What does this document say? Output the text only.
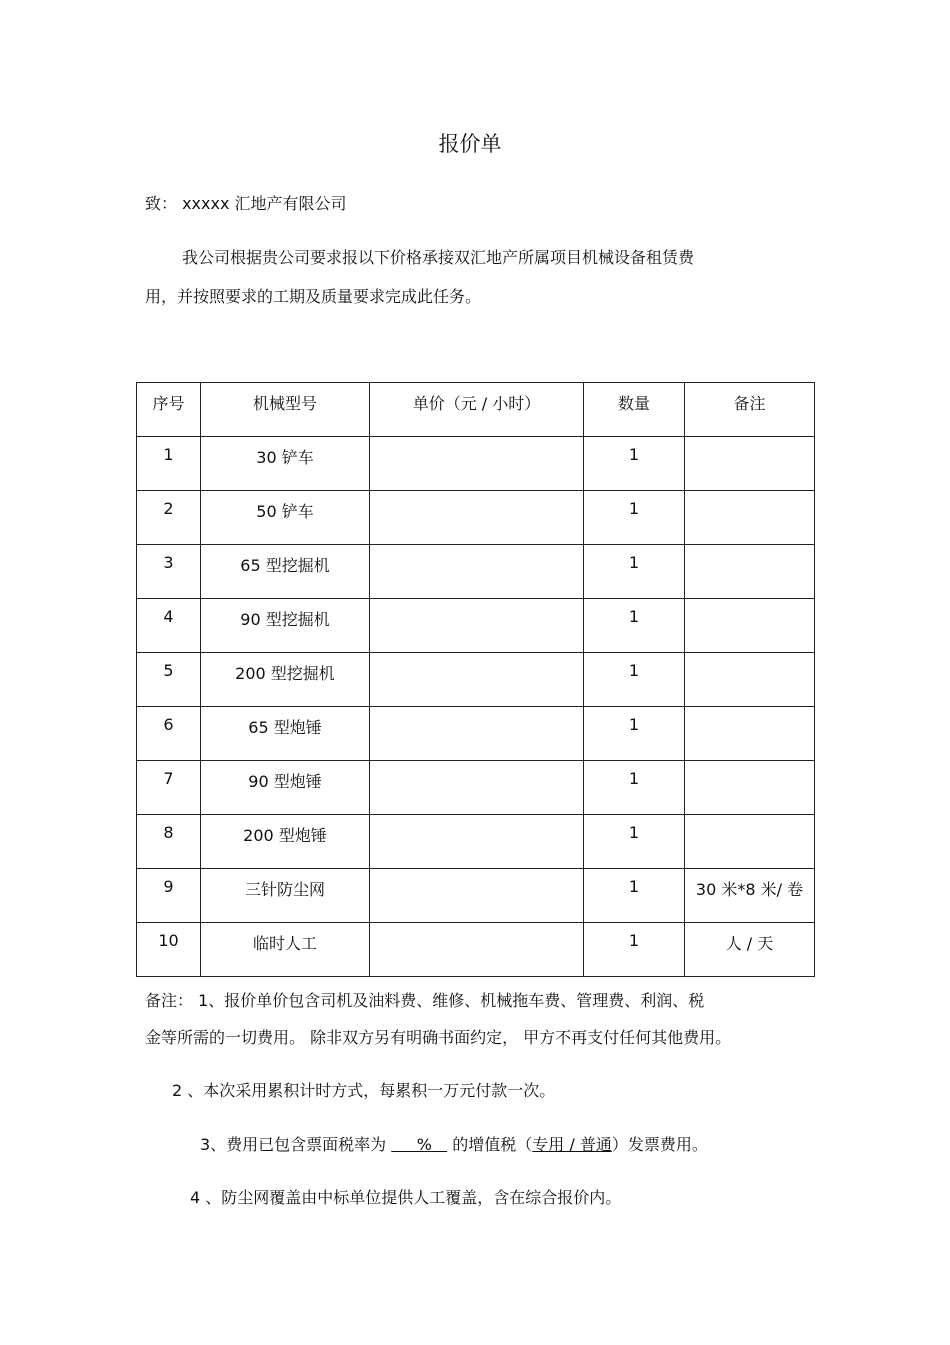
报价单
致： xxxxx 汇地产有限公司
我公司根据贵公司要求报以下价格承接双汇地产所属项目机械设备租赁费
用，并按照要求的工期及质量要求完成此任务。
序号	机械型号	单价（元 / 小时）	数量	备注

1	30 铲车		1	

2	50 铲车		1	

3	65 型挖掘机		1	

4	90 型挖掘机		1	

5	200 型挖掘机		1	

6	65 型炮锤		1	

7	90 型炮锤		1	

8	200 型炮锤		1	

9	三针防尘网		1	30 米*8 米/ 卷

10	临时人工		1	人 / 天
备注： 1、报价单价包含司机及油料费、维修、机械拖车费、管理费、利润、税
金等所需的一切费用。 除非双方另有明确书面约定， 甲方不再支付任何其他费用。
2 、本次采用累积计时方式，每累积一万元付款一次。
3、费用已包含票面税率为      %    的增值税（专用 / 普通）发票费用。
4 、防尘网覆盖由中标单位提供人工覆盖，含在综合报价内。
